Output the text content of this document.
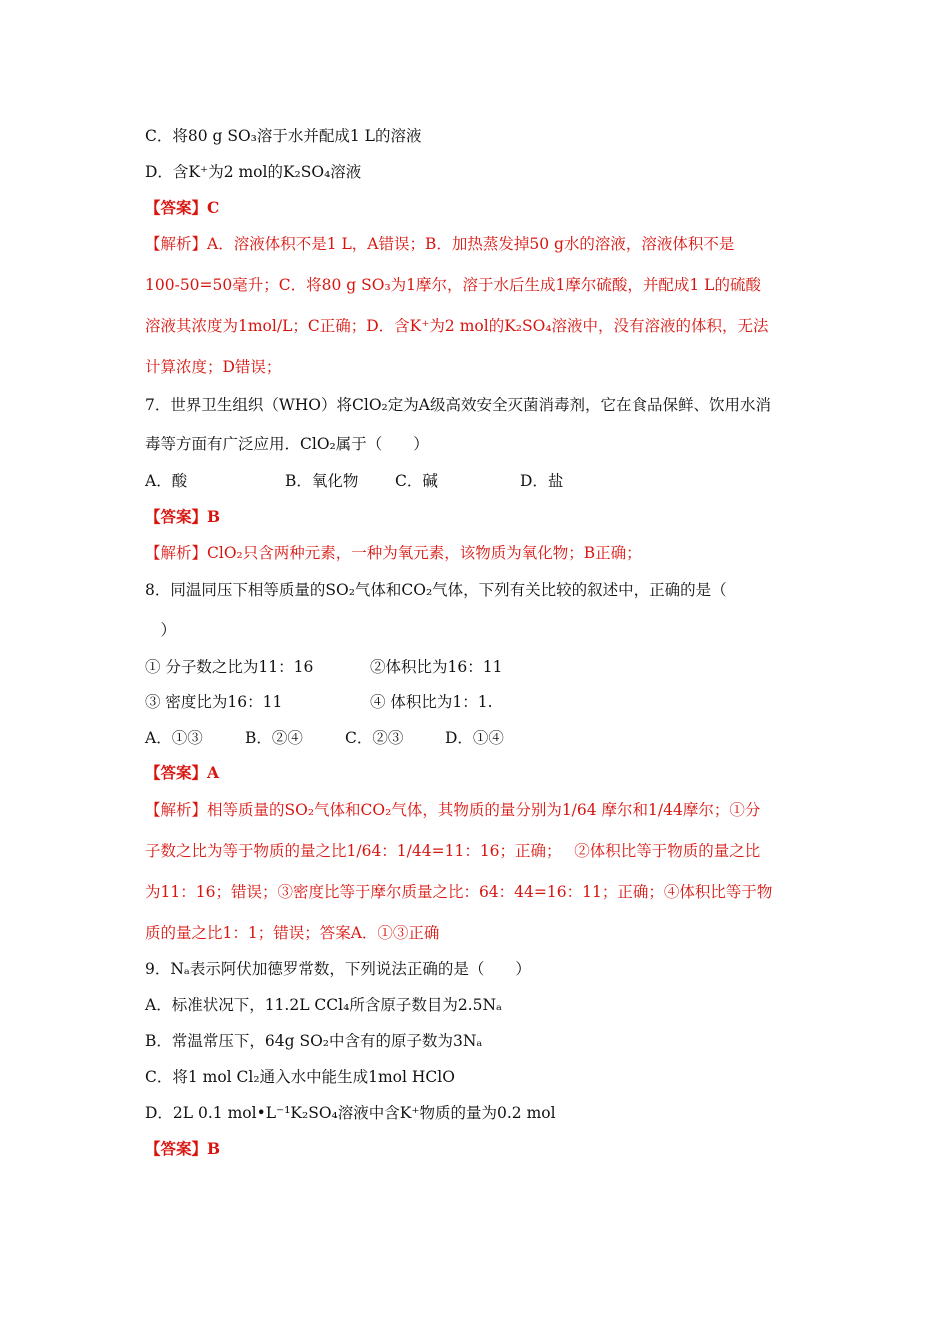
C．将80 g SO₃溶于水并配成1 L的溶液
D．含K⁺为2 mol的K₂SO₄溶液
【答案】C
【解析】A．溶液体积不是1 L，A错误；B．加热蒸发掉50 g水的溶液，溶液体积不是
100-50=50毫升；C．将80 g SO₃为1摩尔，溶于水后生成1摩尔硫酸，并配成1 L的硫酸
溶液其浓度为1mol/L；C正确；D．含K⁺为2 mol的K₂SO₄溶液中，没有溶液的体积，无法
计算浓度；D错误；
7．世界卫生组织（WHO）将ClO₂定为A级高效安全灭菌消毒剂，它在食品保鲜、饮用水消
毒等方面有广泛应用．ClO₂属于（　　）
A．酸	B．氧化物 C．碱	D．盐
【答案】B
【解析】ClO₂只含两种元素，一种为氧元素，该物质为氧化物；B正确；
8．同温同压下相等质量的SO₂气体和CO₂气体，下列有关比较的叙述中，正确的是（
　）
① 分子数之比为11：16	②体积比为16：11
③ 密度比为16：11	④ 体积比为1：1.
A．①③	B．②④	C．②③	D．①④
【答案】A
【解析】相等质量的SO₂气体和CO₂气体，其物质的量分别为1/64 摩尔和1/44摩尔；①分
子数之比为等于物质的量之比1/64：1/44=11：16；正确；　 ②体积比等于物质的量之比
为11：16；错误；③密度比等于摩尔质量之比：64：44=16：11；正确；④体积比等于物
质的量之比1：1；错误；答案A．①③正确
9．Nₐ表示阿伏加德罗常数，下列说法正确的是（　　）
A．标准状况下，11.2L CCl₄所含原子数目为2.5Nₐ
B．常温常压下，64g SO₂中含有的原子数为3Nₐ
C．将1 mol Cl₂通入水中能生成1mol HClO
D．2L 0.1 mol•L⁻¹K₂SO₄溶液中含K⁺物质的量为0.2 mol
【答案】B
